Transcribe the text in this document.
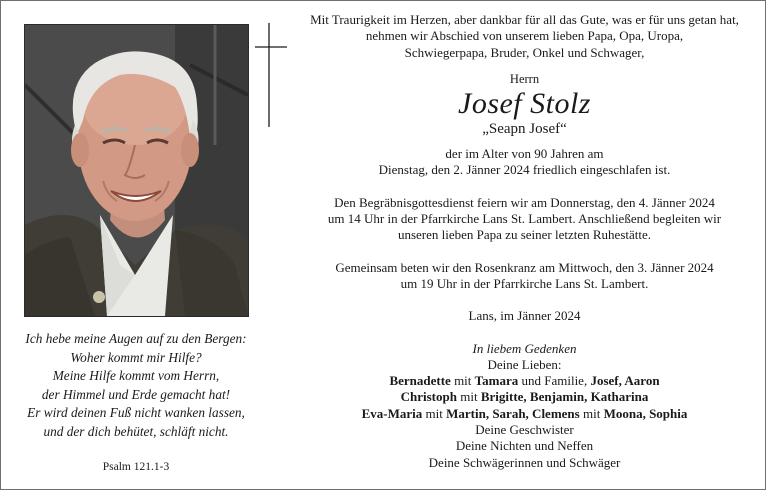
Ich hebe meine Augen auf zu den Bergen:
Woher kommt mir Hilfe?
Meine Hilfe kommt vom Herrn,
der Himmel und Erde gemacht hat!
Er wird deinen Fuß nicht wanken lassen,
und der dich behütet, schläft nicht.
Psalm 121.1-3
Mit Traurigkeit im Herzen, aber dankbar für all das Gute, was er für uns getan hat,
nehmen wir Abschied von unserem lieben Papa, Opa, Uropa,
Schwiegerpapa, Bruder, Onkel und Schwager,
Herrn
Josef Stolz
„Seapn Josef“
der im Alter von 90 Jahren am
Dienstag, den 2. Jänner 2024 friedlich eingeschlafen ist.
Den Begräbnisgottesdienst feiern wir am Donnerstag, den 4. Jänner 2024
um 14 Uhr in der Pfarrkirche Lans St. Lambert. Anschließend begleiten wir
unseren lieben Papa zu seiner letzten Ruhestätte.
Gemeinsam beten wir den Rosenkranz am Mittwoch, den 3. Jänner 2024
um 19 Uhr in der Pfarrkirche Lans St. Lambert.
Lans, im Jänner 2024
In liebem Gedenken
Deine Lieben:
Bernadette mit Tamara und Familie, Josef, Aaron
Christoph mit Brigitte, Benjamin, Katharina
Eva-Maria mit Martin, Sarah, Clemens mit Moona, Sophia
Deine Geschwister
Deine Nichten und Neffen
Deine Schwägerinnen und Schwäger
